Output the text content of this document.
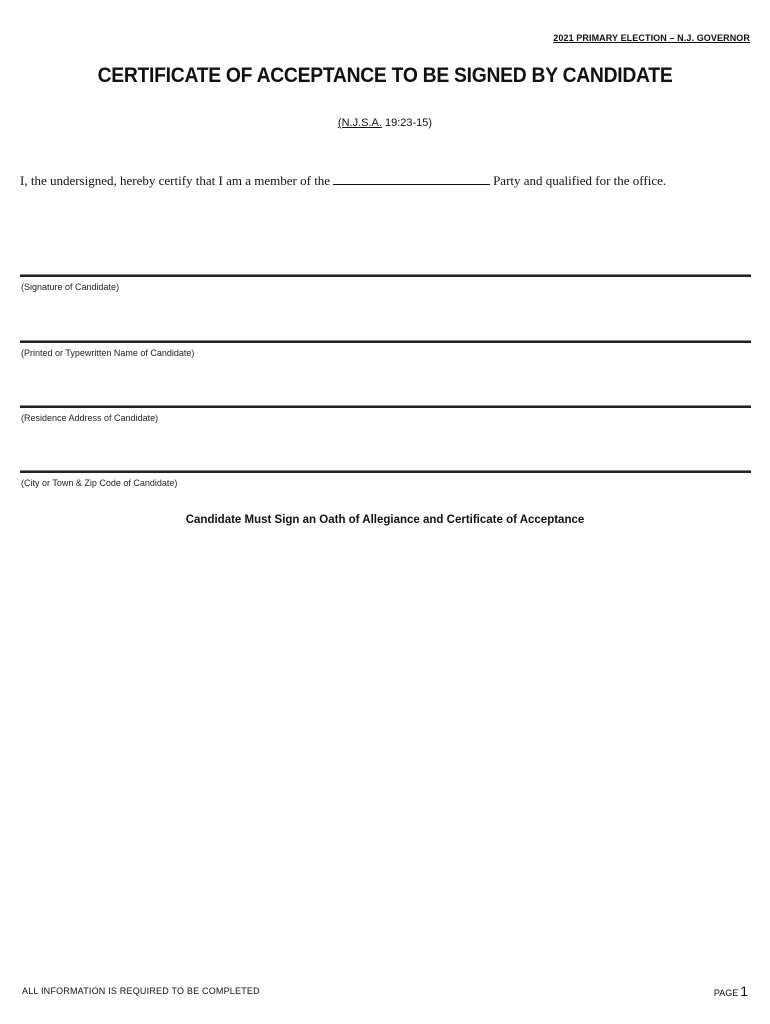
2021 PRIMARY ELECTION – N.J. GOVERNOR
CERTIFICATE OF ACCEPTANCE TO BE SIGNED BY CANDIDATE
(N.J.S.A. 19:23-15)
I, the undersigned, hereby certify that I am a member of the	Party and qualified for the office.
(Signature of Candidate)
(Printed or Typewritten Name of Candidate)
(Residence Address of Candidate)
(City or Town & Zip Code of Candidate)
Candidate Must Sign an Oath of Allegiance and Certificate of Acceptance
ALL INFORMATION IS REQUIRED TO BE COMPLETED	PAGE 1
